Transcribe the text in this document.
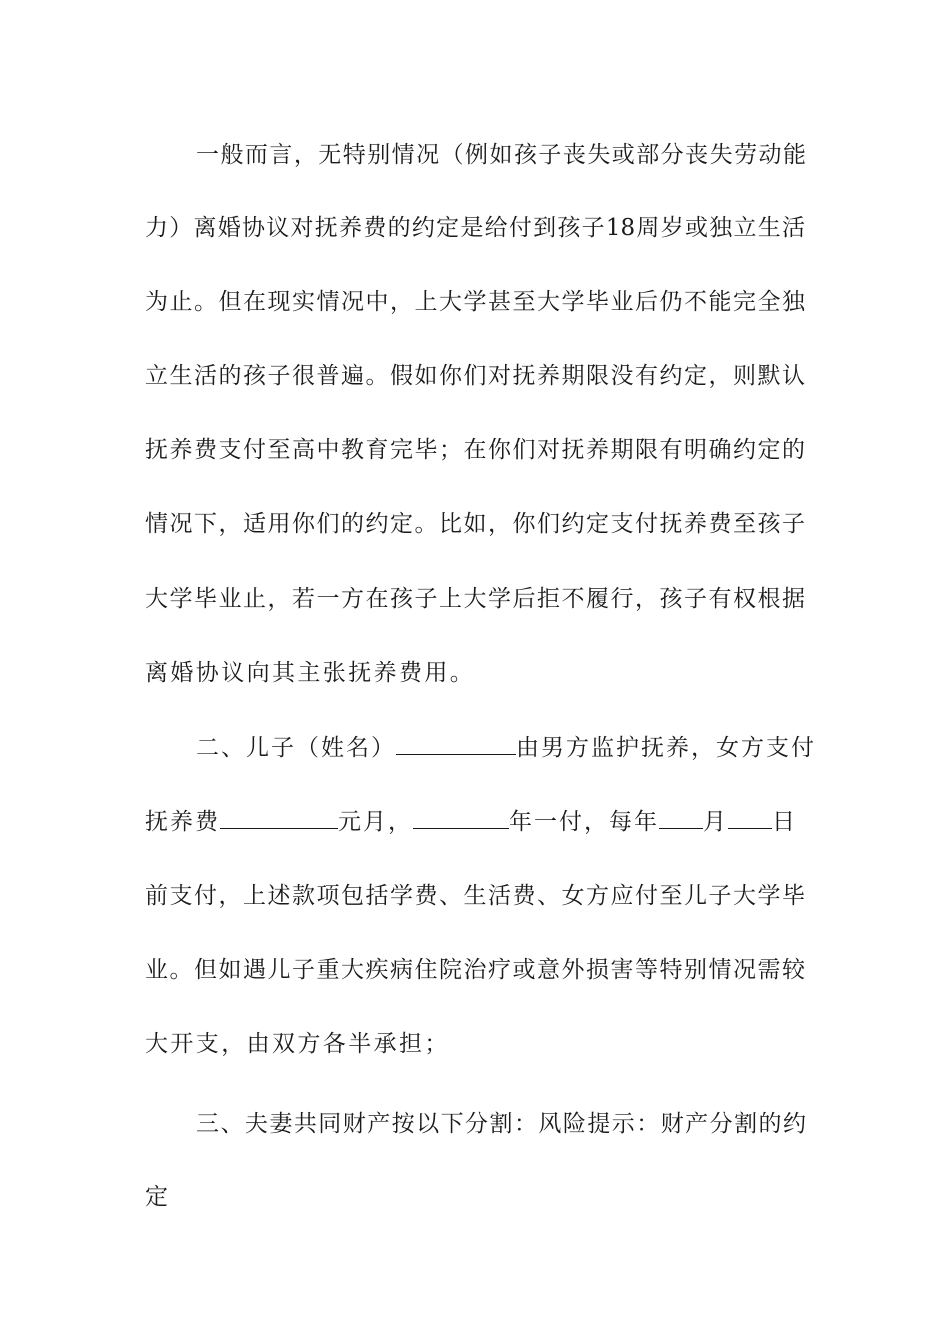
一般而言，无特别情况（例如孩子丧失或部分丧失劳动能
力）离婚协议对抚养费的约定是给付到孩子18周岁或独立生活
为止。但在现实情况中，上大学甚至大学毕业后仍不能完全独
立生活的孩子很普遍。假如你们对抚养期限没有约定，则默认
抚养费支付至高中教育完毕；在你们对抚养期限有明确约定的
情况下，适用你们的约定。比如，你们约定支付抚养费至孩子
大学毕业止，若一方在孩子上大学后拒不履行，孩子有权根据
离婚协议向其主张抚养费用。
二、儿子（姓名）	由男方监护抚养，女方支付
抚养费	元月，	年一付，每年 月 日
前支付，上述款项包括学费、生活费、女方应付至儿子大学毕
业。但如遇儿子重大疾病住院治疗或意外损害等特别情况需较
大开支，由双方各半承担；
三、夫妻共同财产按以下分割：风险提示：财产分割的约
定
